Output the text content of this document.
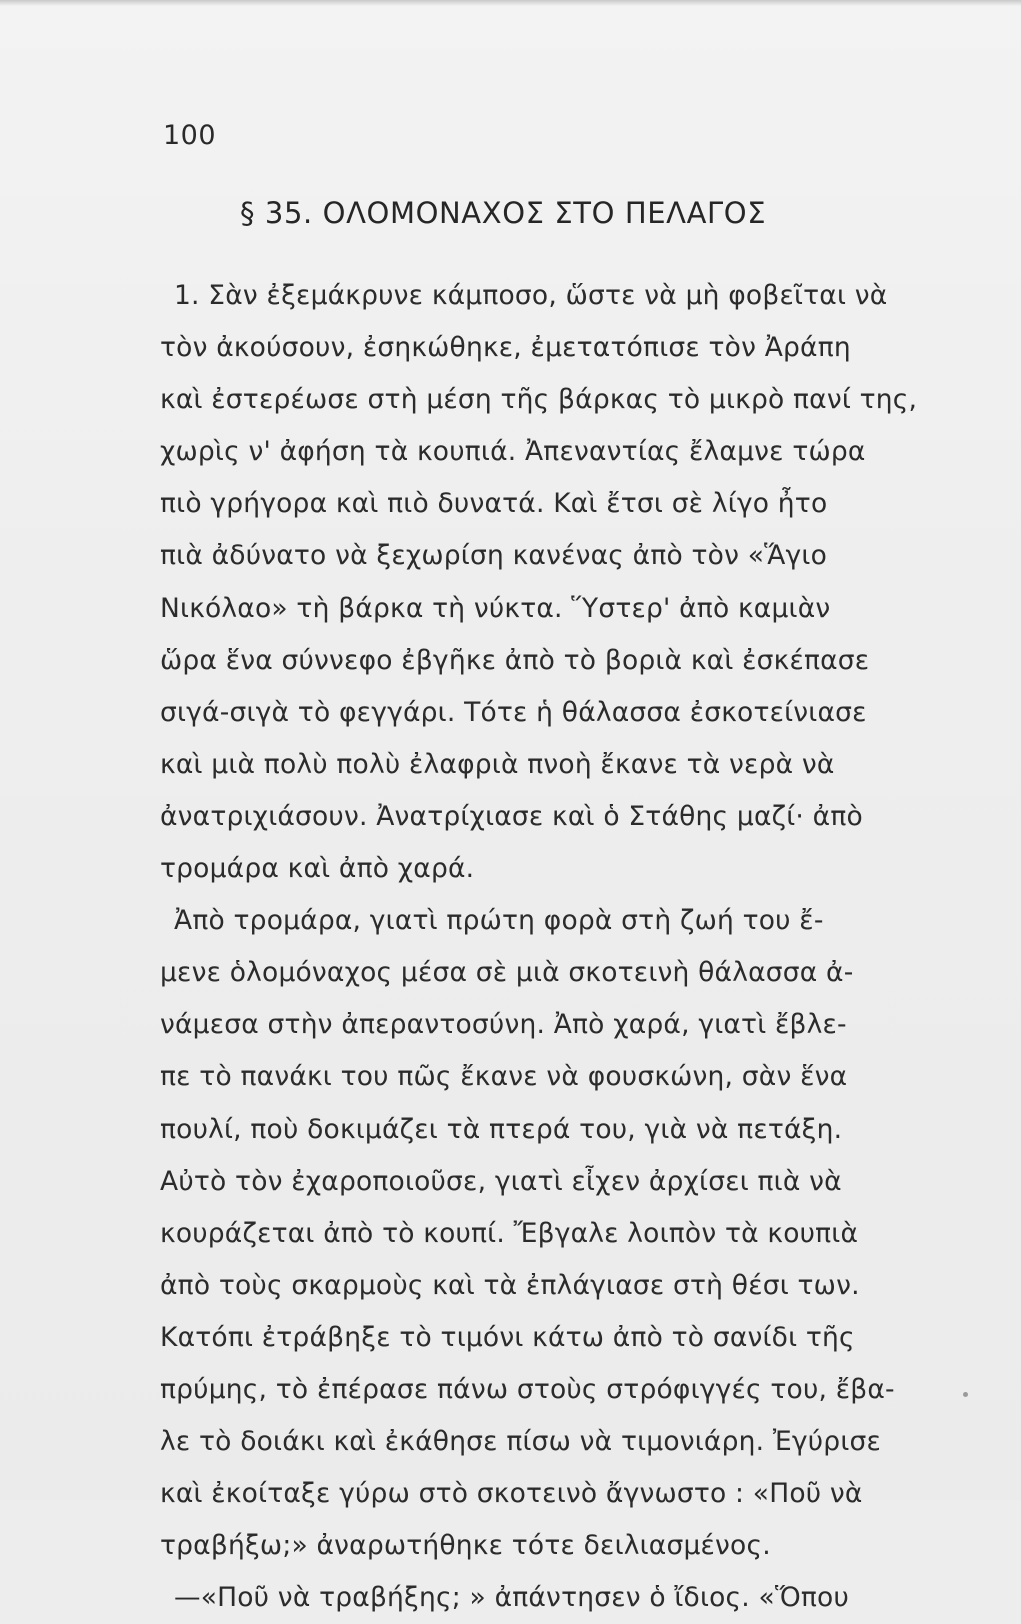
100
§ 35. ΟΛΟΜΟΝΑΧΟΣ ΣΤΟ ΠΕΛΑΓΟΣ
1. Σὰν ἐξεμάκρυνε κάμποσο, ὥστε νὰ μὴ φοβεῖται νὰ
τὸν ἀκούσουν, ἐσηκώθηκε, ἐμετατόπισε τὸν Ἀράπη
καὶ ἐστερέωσε στὴ μέση τῆς βάρκας τὸ μικρὸ πανί της,
χωρὶς ν' ἀφήση τὰ κουπιά. Ἀπεναντίας ἔλαμνε τώρα
πιὸ γρήγορα καὶ πιὸ δυνατά. Καὶ ἔτσι σὲ λίγο ἦτο
πιὰ ἀδύνατο νὰ ξεχωρίση κανένας ἀπὸ τὸν «Ἅγιο
Νικόλαο» τὴ βάρκα τὴ νύκτα. Ὕστερ' ἀπὸ καμιὰν
ὥρα ἕνα σύννεφο ἐβγῆκε ἀπὸ τὸ βοριὰ καὶ ἐσκέπασε
σιγά-σιγὰ τὸ φεγγάρι. Τότε ἡ θάλασσα ἐσκοτείνιασε
καὶ μιὰ πολὺ πολὺ ἐλαφριὰ πνοὴ ἔκανε τὰ νερὰ νὰ
ἀνατριχιάσουν. Ἀνατρίχιασε καὶ ὁ Στάθης μαζί· ἀπὸ
τρομάρα καὶ ἀπὸ χαρά.
Ἀπὸ τρομάρα, γιατὶ πρώτη φορὰ στὴ ζωή του ἔ-
μενε ὁλομόναχος μέσα σὲ μιὰ σκοτεινὴ θάλασσα ἀ-
νάμεσα στὴν ἀπεραντοσύνη. Ἀπὸ χαρά, γιατὶ ἔβλε-
πε τὸ πανάκι του πῶς ἔκανε νὰ φουσκώνη, σὰν ἕνα
πουλί, ποὺ δοκιμάζει τὰ πτερά του, γιὰ νὰ πετάξη.
Αὐτὸ τὸν ἐχαροποιοῦσε, γιατὶ εἶχεν ἀρχίσει πιὰ νὰ
κουράζεται ἀπὸ τὸ κουπί. Ἔβγαλε λοιπὸν τὰ κουπιὰ
ἀπὸ τοὺς σκαρμοὺς καὶ τὰ ἐπλάγιασε στὴ θέσι των.
Κατόπι ἐτράβηξε τὸ τιμόνι κάτω ἀπὸ τὸ σανίδι τῆς
πρύμης, τὸ ἐπέρασε πάνω στοὺς στρόφιγγές του, ἔβα-
λε τὸ δοιάκι καὶ ἐκάθησε πίσω νὰ τιμονιάρη. Ἐγύρισε
καὶ ἐκοίταξε γύρω στὸ σκοτεινὸ ἄγνωστο : «Ποῦ νὰ
τραβήξω;» ἀναρωτήθηκε τότε δειλιασμένος.
—«Ποῦ νὰ τραβήξης; » ἀπάντησεν ὁ ἴδιος. «Ὅπου
